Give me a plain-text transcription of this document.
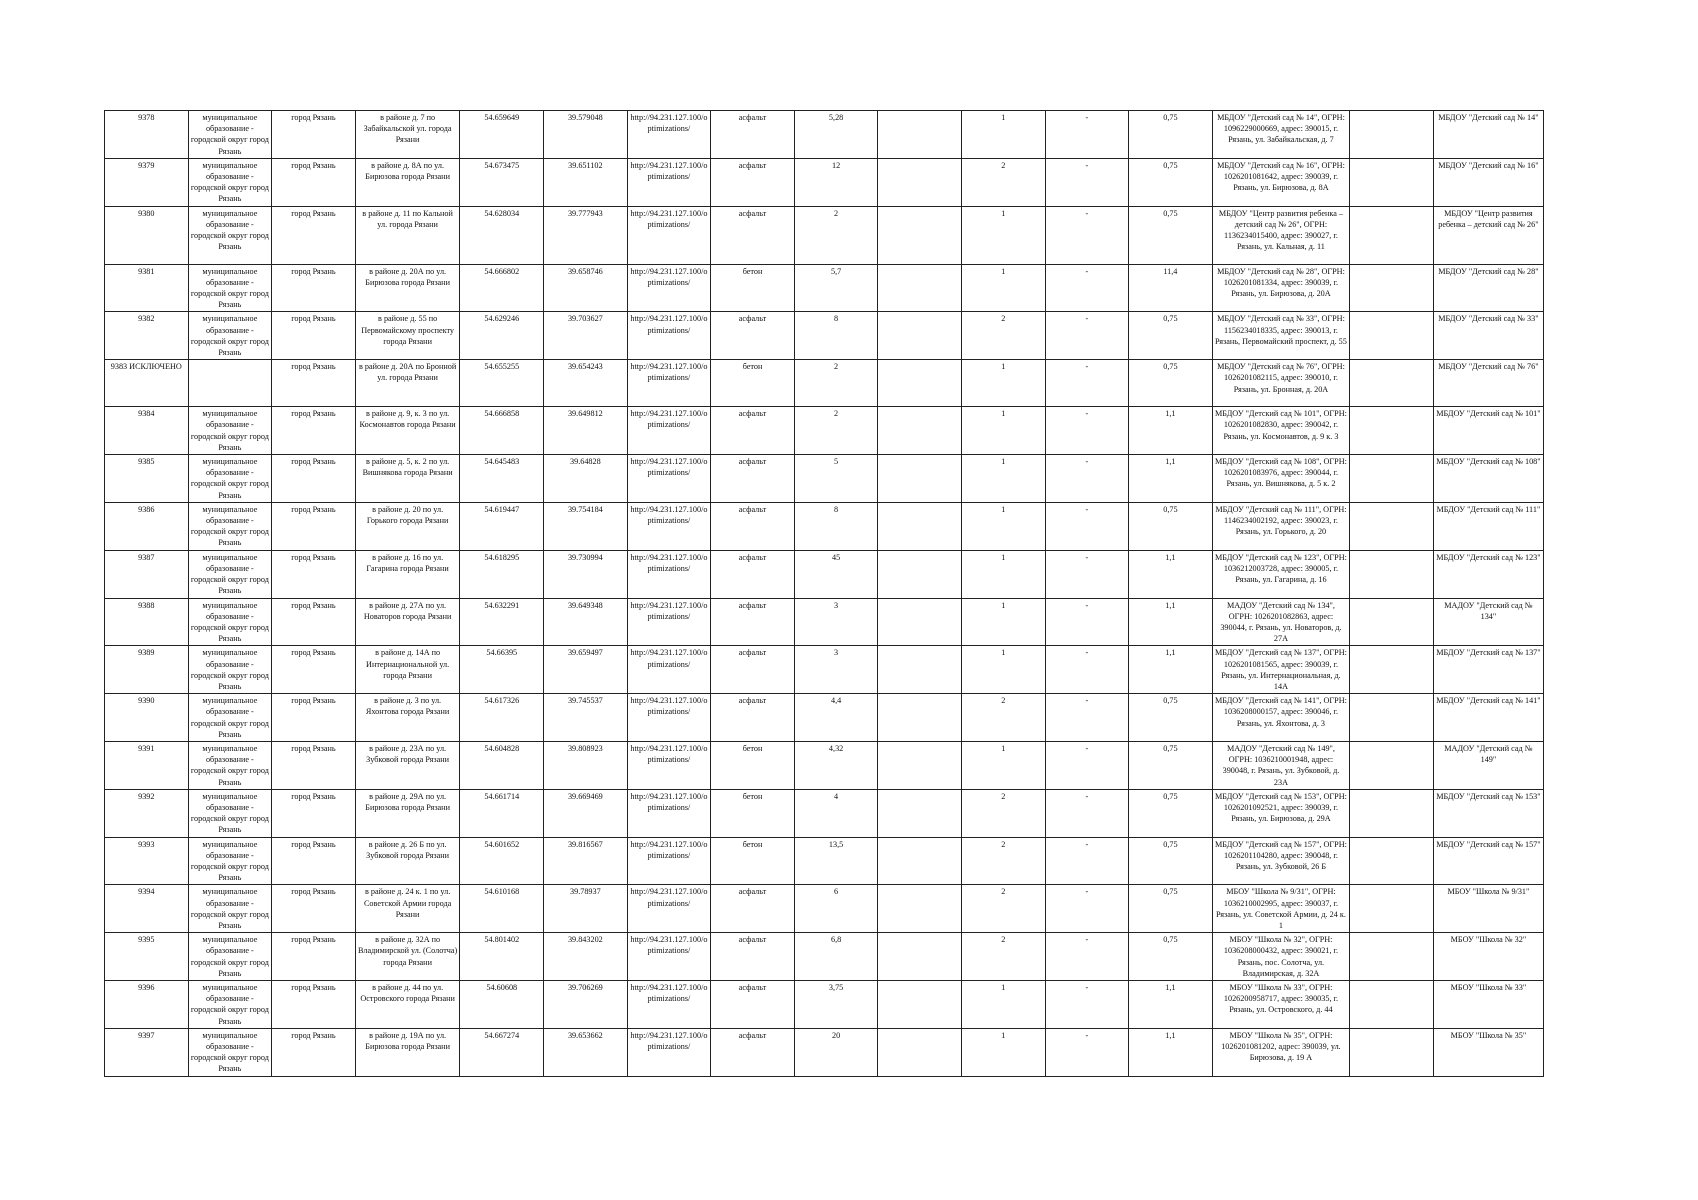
9378	муниципальное образование - городской округ город Рязань	город Рязань	в районе д. 7 по Забайкальской ул. города Рязани	54.659649	39.579048	http://94.231.127.100/optimizations/	асфальт	5,28		1	-	0,75	МБДОУ "Детский сад № 14", ОГРН: 1096229000669, адрес: 390015, г. Рязань, ул. Забайкальская, д. 7		МБДОУ "Детский сад № 14"
9379	муниципальное образование - городской округ город Рязань	город Рязань	в районе д. 8А по ул. Бирюзова города Рязани	54.673475	39.651102	http://94.231.127.100/optimizations/	асфальт	12		2	-	0,75	МБДОУ "Детский сад № 16", ОГРН: 1026201081642, адрес: 390039, г. Рязань, ул. Бирюзова, д. 8А		МБДОУ "Детский сад № 16"
9380	муниципальное образование - городской округ город Рязань	город Рязань	в районе д. 11 по Кальной ул. города Рязани	54.628034	39.777943	http://94.231.127.100/optimizations/	асфальт	2		1	-	0,75	МБДОУ "Центр развития ребенка – детский сад № 26", ОГРН: 1136234015400, адрес: 390027, г. Рязань, ул. Кальная, д. 11		МБДОУ "Центр развития ребенка – детский сад № 26"
9381	муниципальное образование - городской округ город Рязань	город Рязань	в районе д. 20А по ул. Бирюзова города Рязани	54.666802	39.658746	http://94.231.127.100/optimizations/	бетон	5,7		1	-	11,4	МБДОУ "Детский сад № 28", ОГРН: 1026201081334, адрес: 390039, г. Рязань, ул. Бирюзова, д. 20А		МБДОУ "Детский сад № 28"
9382	муниципальное образование - городской округ город Рязань	город Рязань	в районе д. 55 по Первомайскому проспекту города Рязани	54.629246	39.703627	http://94.231.127.100/optimizations/	асфальт	8		2	-	0,75	МБДОУ "Детский сад № 33", ОГРН: 1156234018335, адрес: 390013, г. Рязань, Первомайский проспект, д. 55		МБДОУ "Детский сад № 33"
9383 ИСКЛЮЧЕНО		город Рязань	в районе д. 20А по Бронной ул. города Рязани	54.655255	39.654243	http://94.231.127.100/optimizations/	бетон	2		1	-	0,75	МБДОУ "Детский сад № 76", ОГРН: 1026201082115, адрес: 390010, г. Рязань, ул. Бронная, д. 20А		МБДОУ "Детский сад № 76"
9384	муниципальное образование - городской округ город Рязань	город Рязань	в районе д. 9, к. 3 по ул. Космонавтов города Рязани	54.666858	39.649812	http://94.231.127.100/optimizations/	асфальт	2		1	-	1,1	МБДОУ "Детский сад № 101", ОГРН: 1026201082830, адрес: 390042, г. Рязань, ул. Космонавтов, д. 9 к. 3		МБДОУ "Детский сад № 101"
9385	муниципальное образование - городской округ город Рязань	город Рязань	в районе д. 5, к. 2 по ул. Вишнякова города Рязани	54.645483	39.64828	http://94.231.127.100/optimizations/	асфальт	5		1	-	1,1	МБДОУ "Детский сад № 108", ОГРН: 1026201083976, адрес: 390044, г. Рязань, ул. Вишнякова, д. 5 к. 2		МБДОУ "Детский сад № 108"
9386	муниципальное образование - городской округ город Рязань	город Рязань	в районе д. 20 по ул. Горького города Рязани	54.619447	39.754184	http://94.231.127.100/optimizations/	асфальт	8		1	-	0,75	МБДОУ "Детский сад № 111", ОГРН: 1146234002192, адрес: 390023, г. Рязань, ул. Горького, д. 20		МБДОУ "Детский сад № 111"
9387	муниципальное образование - городской округ город Рязань	город Рязань	в районе д. 16 по ул. Гагарина города Рязани	54.618295	39.730994	http://94.231.127.100/optimizations/	асфальт	45		1	-	1,1	МБДОУ "Детский сад № 123", ОГРН: 1036212003728, адрес: 390005, г. Рязань, ул. Гагарина, д. 16		МБДОУ "Детский сад № 123"
9388	муниципальное образование - городской округ город Рязань	город Рязань	в районе д. 27А по ул. Новаторов города Рязани	54.632291	39.649348	http://94.231.127.100/optimizations/	асфальт	3		1	-	1,1	МАДОУ "Детский сад № 134", ОГРН: 1026201082863, адрес: 390044, г. Рязань, ул. Новаторов, д. 27А		МАДОУ "Детский сад № 134"
9389	муниципальное образование - городской округ город Рязань	город Рязань	в районе д. 14А по Интернациональной ул. города Рязани	54.66395	39.659497	http://94.231.127.100/optimizations/	асфальт	3		1	-	1,1	МБДОУ "Детский сад № 137", ОГРН: 1026201081565, адрес: 390039, г. Рязань, ул. Интернациональная, д. 14А		МБДОУ "Детский сад № 137"
9390	муниципальное образование - городской округ город Рязань	город Рязань	в районе д. 3 по ул. Яхонтова города Рязани	54.617326	39.745537	http://94.231.127.100/optimizations/	асфальт	4,4		2	-	0,75	МБДОУ "Детский сад № 141", ОГРН: 1036208000157, адрес: 390046, г. Рязань, ул. Яхонтова, д. 3		МБДОУ "Детский сад № 141"
9391	муниципальное образование - городской округ город Рязань	город Рязань	в районе д. 23А по ул. Зубковой города Рязани	54.604828	39.808923	http://94.231.127.100/optimizations/	бетон	4,32		1	-	0,75	МАДОУ "Детский сад № 149", ОГРН: 1036210001948, адрес: 390048, г. Рязань, ул. Зубковой, д. 23А		МАДОУ "Детский сад № 149"
9392	муниципальное образование - городской округ город Рязань	город Рязань	в районе д. 29А по ул. Бирюзова города Рязани	54.661714	39.669469	http://94.231.127.100/optimizations/	бетон	4		2	-	0,75	МБДОУ "Детский сад № 153", ОГРН: 1026201092521, адрес: 390039, г. Рязань, ул. Бирюзова, д. 29А		МБДОУ "Детский сад № 153"
9393	муниципальное образование - городской округ город Рязань	город Рязань	в районе д. 26 Б по ул. Зубковой города Рязани	54.601652	39.816567	http://94.231.127.100/optimizations/	бетон	13,5		2	-	0,75	МБДОУ "Детский сад № 157", ОГРН: 1026201104280, адрес: 390048, г. Рязань, ул. Зубковой, 26 Б		МБДОУ "Детский сад № 157"
9394	муниципальное образование - городской округ город Рязань	город Рязань	в районе д. 24 к. 1 по ул. Советской Армии города Рязани	54.610168	39.78937	http://94.231.127.100/optimizations/	асфальт	6		2	-	0,75	МБОУ "Школа № 9/31", ОГРН: 1036210002995, адрес: 390037, г. Рязань, ул. Советской Армии, д. 24 к. 1		МБОУ "Школа № 9/31"
9395	муниципальное образование - городской округ город Рязань	город Рязань	в районе д. 32А по Владимирской ул. (Солотча) города Рязани	54.801402	39.843202	http://94.231.127.100/optimizations/	асфальт	6,8		2	-	0,75	МБОУ "Школа № 32", ОГРН: 1036208000432, адрес: 390021, г. Рязань, пос. Солотча, ул. Владимирская, д. 32А		МБОУ "Школа № 32"
9396	муниципальное образование - городской округ город Рязань	город Рязань	в районе д. 44 по ул. Островского города Рязани	54.60608	39.706269	http://94.231.127.100/optimizations/	асфальт	3,75		1	-	1,1	МБОУ "Школа № 33", ОГРН: 1026200958717, адрес: 390035, г. Рязань, ул. Островского, д. 44		МБОУ "Школа № 33"
9397	муниципальное образование - городской округ город Рязань	город Рязань	в районе д. 19А по ул. Бирюзова города Рязани	54.667274	39.653662	http://94.231.127.100/optimizations/	асфальт	20		1	-	1,1	МБОУ "Школа № 35", ОГРН: 1026201081202, адрес: 390039, ул. Бирюзова, д. 19 А		МБОУ "Школа № 35"
